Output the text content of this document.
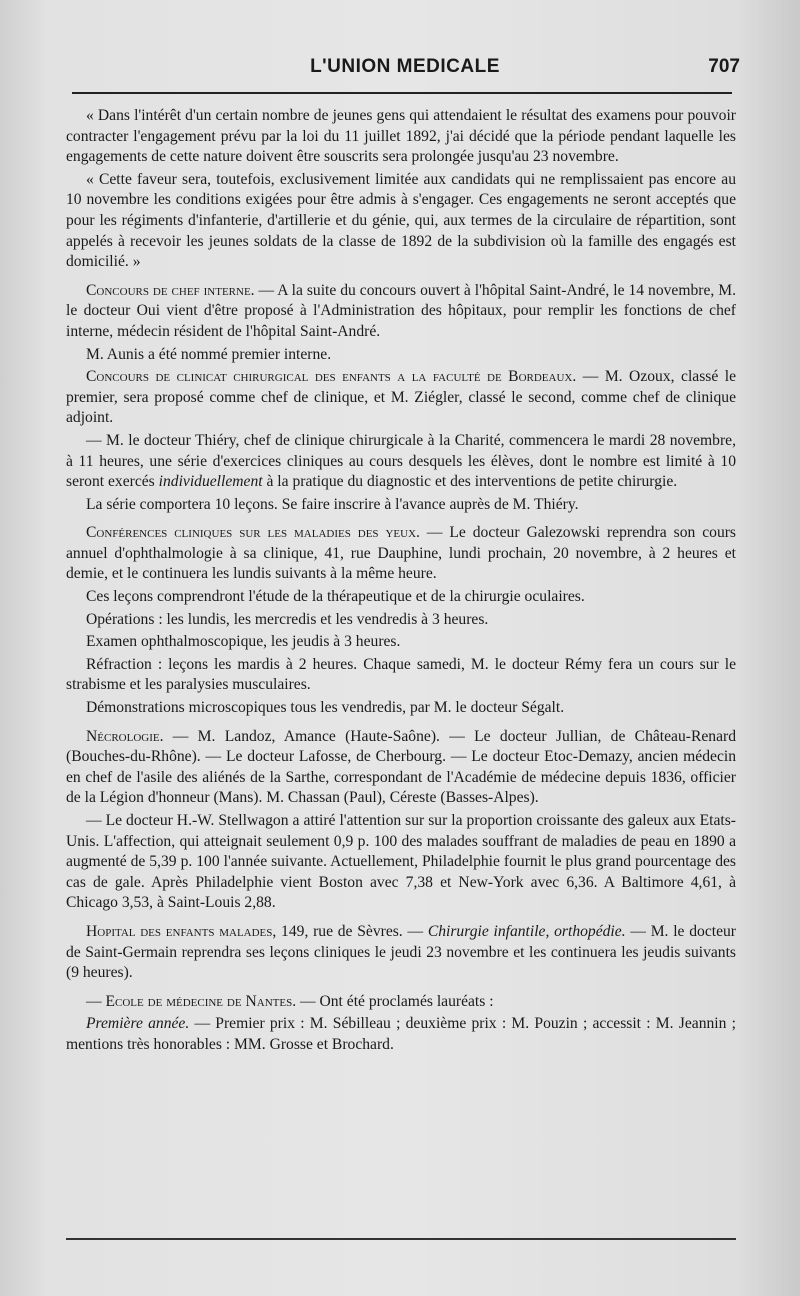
L'UNION MEDICALE	707

« Dans l'intérêt d'un certain nombre de jeunes gens qui attendaient le résultat des examens pour pouvoir contracter l'engagement prévu par la loi du 11 juillet 1892, j'ai décidé que la période pendant laquelle les engagements de cette nature doivent être souscrits sera prolongée jusqu'au 23 novembre.

« Cette faveur sera, toutefois, exclusivement limitée aux candidats qui ne remplissaient pas encore au 10 novembre les conditions exigées pour être admis à s'engager. Ces engagements ne seront acceptés que pour les régiments d'infanterie, d'artillerie et du génie, qui, aux termes de la circulaire de répartition, sont appelés à recevoir les jeunes soldats de la classe de 1892 de la subdivision où la famille des engagés est domicilié. »

Concours de chef interne. — A la suite du concours ouvert à l'hôpital Saint-André, le 14 novembre, M. le docteur Oui vient d'être proposé à l'Administration des hôpitaux, pour remplir les fonctions de chef interne, médecin résident de l'hôpital Saint-André.

M. Aunis a été nommé premier interne.

Concours de clinicat chirurgical des enfants a la faculté de Bordeaux. — M. Ozoux, classé le premier, sera proposé comme chef de clinique, et M. Ziégler, classé le second, comme chef de clinique adjoint.

— M. le docteur Thiéry, chef de clinique chirurgicale à la Charité, commencera le mardi 28 novembre, à 11 heures, une série d'exercices cliniques au cours desquels les élèves, dont le nombre est limité à 10 seront exercés individuellement à la pratique du diagnostic et des interventions de petite chirurgie.

La série comportera 10 leçons. Se faire inscrire à l'avance auprès de M. Thiéry.

Conférences cliniques sur les maladies des yeux. — Le docteur Galezowski reprendra son cours annuel d'ophthalmologie à sa clinique, 41, rue Dauphine, lundi prochain, 20 novembre, à 2 heures et demie, et le continuera les lundis suivants à la même heure.

Ces leçons comprendront l'étude de la thérapeutique et de la chirurgie oculaires.

Opérations : les lundis, les mercredis et les vendredis à 3 heures.

Examen ophthalmoscopique, les jeudis à 3 heures.

Réfraction : leçons les mardis à 2 heures. Chaque samedi, M. le docteur Rémy fera un cours sur le strabisme et les paralysies musculaires.

Démonstrations microscopiques tous les vendredis, par M. le docteur Ségalt.

Nécrologie. — M. Landoz, Amance (Haute-Saône). — Le docteur Jullian, de Château-Renard (Bouches-du-Rhône). — Le docteur Lafosse, de Cherbourg. — Le docteur Etoc-Demazy, ancien médecin en chef de l'asile des aliénés de la Sarthe, correspondant de l'Académie de médecine depuis 1836, officier de la Légion d'honneur (Mans). M. Chassan (Paul), Céreste (Basses-Alpes).

— Le docteur H.-W. Stellwagon a attiré l'attention sur sur la proportion croissante des galeux aux Etats-Unis. L'affection, qui atteignait seulement 0,9 p. 100 des malades souffrant de maladies de peau en 1890 a augmenté de 5,39 p. 100 l'année suivante. Actuellement, Philadelphie fournit le plus grand pourcentage des cas de gale. Après Philadelphie vient Boston avec 7,38 et New-York avec 6,36. A Baltimore 4,61, à Chicago 3,53, à Saint-Louis 2,88.

Hopital des enfants malades, 149, rue de Sèvres. — Chirurgie infantile, orthopédie. — M. le docteur de Saint-Germain reprendra ses leçons cliniques le jeudi 23 novembre et les continuera les jeudis suivants (9 heures).

— Ecole de médecine de Nantes. — Ont été proclamés lauréats :

Première année. — Premier prix : M. Sébilleau ; deuxième prix : M. Pouzin ; accessit : M. Jeannin ; mentions très honorables : MM. Grosse et Brochard.
